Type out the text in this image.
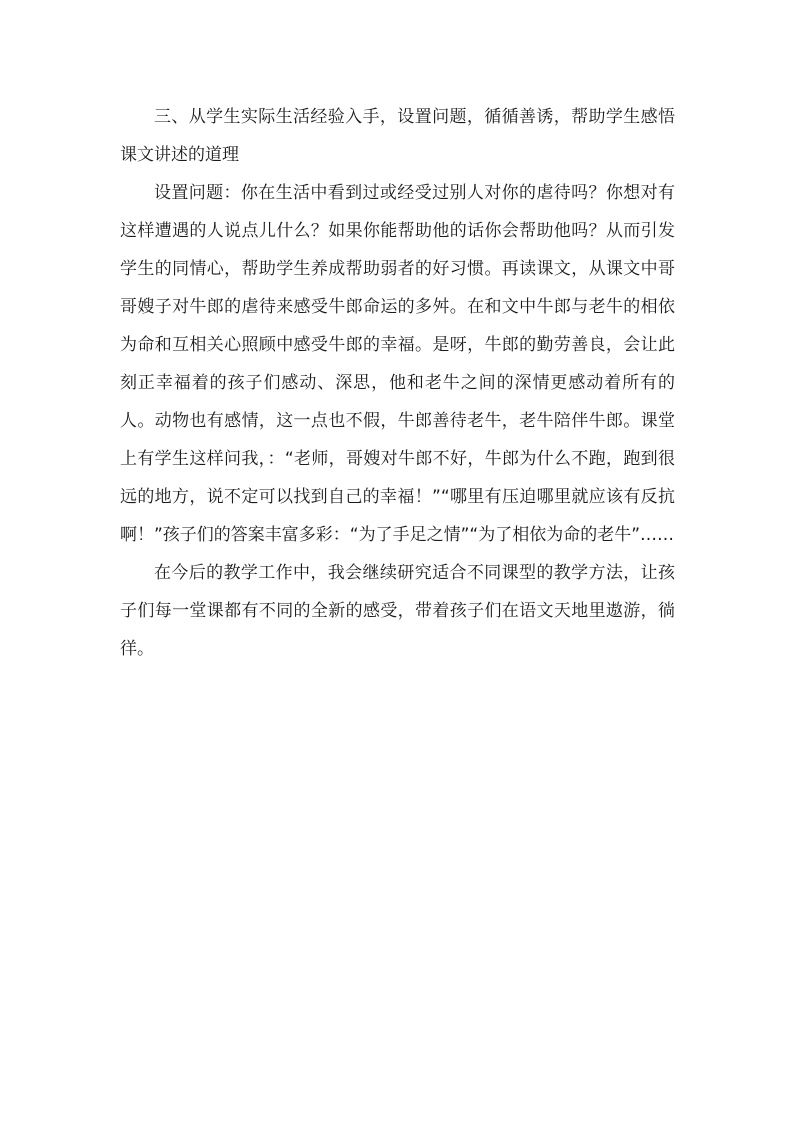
三、从学生实际生活经验入手，设置问题，循循善诱，帮助学生感悟课文讲述的道理

设置问题：你在生活中看到过或经受过别人对你的虐待吗？你想对有这样遭遇的人说点儿什么？如果你能帮助他的话你会帮助他吗？从而引发学生的同情心，帮助学生养成帮助弱者的好习惯。再读课文，从课文中哥哥嫂子对牛郎的虐待来感受牛郎命运的多舛。在和文中牛郎与老牛的相依为命和互相关心照顾中感受牛郎的幸福。是呀，牛郎的勤劳善良，会让此刻正幸福着的孩子们感动、深思，他和老牛之间的深情更感动着所有的人。动物也有感情，这一点也不假，牛郎善待老牛，老牛陪伴牛郎。课堂上有学生这样问我，：“老师，哥嫂对牛郎不好，牛郎为什么不跑，跑到很远的地方，说不定可以找到自己的幸福！”“哪里有压迫哪里就应该有反抗啊！”孩子们的答案丰富多彩：“为了手足之情”“为了相依为命的老牛”……

在今后的教学工作中，我会继续研究适合不同课型的教学方法，让孩子们每一堂课都有不同的全新的感受，带着孩子们在语文天地里遨游，徜徉。
